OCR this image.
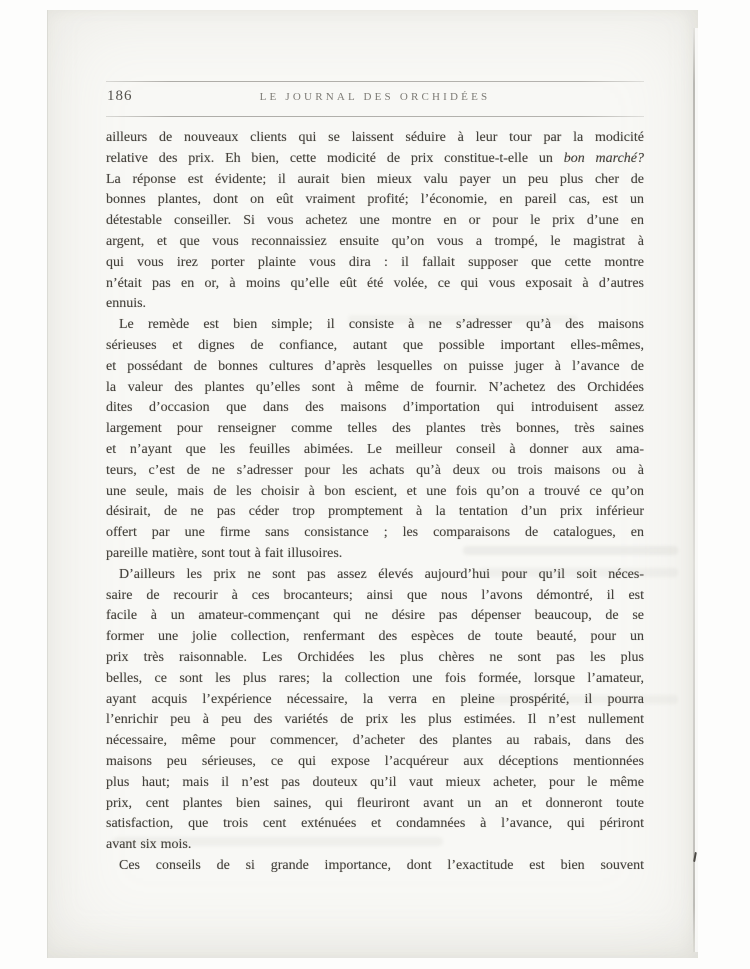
186	LE JOURNAL DES ORCHIDÉES
ailleurs de nouveaux clients qui se laissent séduire à leur tour par la modicité
relative des prix. Eh bien, cette modicité de prix constitue-t-elle un bon marché?
La réponse est évidente; il aurait bien mieux valu payer un peu plus cher de
bonnes plantes, dont on eût vraiment profité; l’économie, en pareil cas, est un
détestable conseiller. Si vous achetez une montre en or pour le prix d’une en
argent, et que vous reconnaissiez ensuite qu’on vous a trompé, le magistrat à
qui vous irez porter plainte vous dira : il fallait supposer que cette montre
n’était pas en or, à moins qu’elle eût été volée, ce qui vous exposait à d’autres
ennuis.
Le remède est bien simple; il consiste à ne s’adresser qu’à des maisons
sérieuses et dignes de confiance, autant que possible important elles-mêmes,
et possédant de bonnes cultures d’après lesquelles on puisse juger à l’avance de
la valeur des plantes qu’elles sont à même de fournir. N’achetez des Orchidées
dites d’occasion que dans des maisons d’importation qui introduisent assez
largement pour renseigner comme telles des plantes très bonnes, très saines
et n’ayant que les feuilles abimées. Le meilleur conseil à donner aux ama-
teurs, c’est de ne s’adresser pour les achats qu’à deux ou trois maisons ou à
une seule, mais de les choisir à bon escient, et une fois qu’on a trouvé ce qu’on
désirait, de ne pas céder trop promptement à la tentation d’un prix inférieur
offert par une firme sans consistance ; les comparaisons de catalogues, en
pareille matière, sont tout à fait illusoires.
D’ailleurs les prix ne sont pas assez élevés aujourd’hui pour qu’il soit néces-
saire de recourir à ces brocanteurs; ainsi que nous l’avons démontré, il est
facile à un amateur-commençant qui ne désire pas dépenser beaucoup, de se
former une jolie collection, renfermant des espèces de toute beauté, pour un
prix très raisonnable. Les Orchidées les plus chères ne sont pas les plus
belles, ce sont les plus rares; la collection une fois formée, lorsque l’amateur,
ayant acquis l’expérience nécessaire, la verra en pleine prospérité, il pourra
l’enrichir peu à peu des variétés de prix les plus estimées. Il n’est nullement
nécessaire, même pour commencer, d’acheter des plantes au rabais, dans des
maisons peu sérieuses, ce qui expose l’acquéreur aux déceptions mentionnées
plus haut; mais il n’est pas douteux qu’il vaut mieux acheter, pour le même
prix, cent plantes bien saines, qui fleuriront avant un an et donneront toute
satisfaction, que trois cent exténuées et condamnées à l’avance, qui périront
avant six mois.
Ces conseils de si grande importance, dont l’exactitude est bien souvent
